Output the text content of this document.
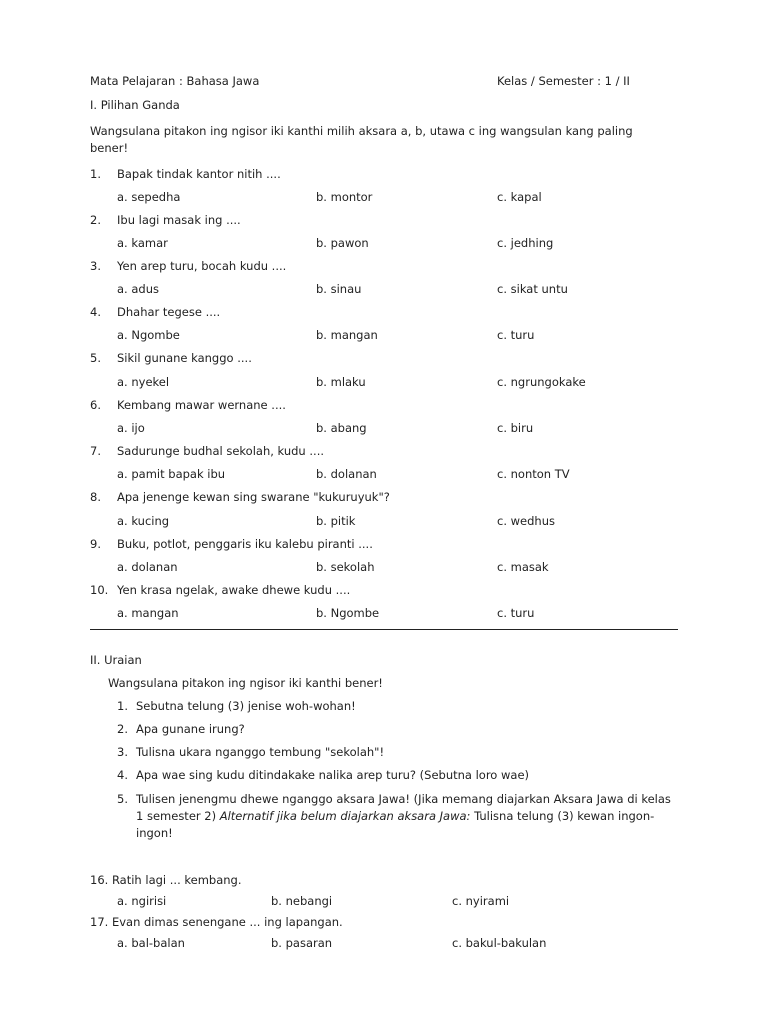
Mata Pelajaran : Bahasa Jawa	Kelas / Semester : 1 / II
I. Pilihan Ganda
Wangsulana pitakon ing ngisor iki kanthi milih aksara a, b, utawa c ing wangsulan kang paling bener!
1. Bapak tindak kantor nitih ....
a. sepedha	b. montor	c. kapal
2. Ibu lagi masak ing ....
a. kamar	b. pawon	c. jedhing
3. Yen arep turu, bocah kudu ....
a. adus	b. sinau	c. sikat untu
4. Dhahar tegese ....
a. Ngombe	b. mangan	c. turu
5. Sikil gunane kanggo ....
a. nyekel	b. mlaku	c. ngrungokake
6. Kembang mawar wernane ....
a. ijo	b. abang	c. biru
7. Sadurunge budhal sekolah, kudu ....
a. pamit bapak ibu	b. dolanan	c. nonton TV
8. Apa jenenge kewan sing swarane "kukuruyuk"?
a. kucing	b. pitik	c. wedhus
9. Buku, potlot, penggaris iku kalebu piranti ....
a. dolanan	b. sekolah	c. masak
10. Yen krasa ngelak, awake dhewe kudu ....
a. mangan	b. Ngombe	c. turu
II. Uraian
Wangsulana pitakon ing ngisor iki kanthi bener!
1. Sebutna telung (3) jenise woh-wohan!
2. Apa gunane irung?
3. Tulisna ukara nganggo tembung "sekolah"!
4. Apa wae sing kudu ditindakake nalika arep turu? (Sebutna loro wae)
5. Tulisen jenengmu dhewe nganggo aksara Jawa! (Jika memang diajarkan Aksara Jawa di kelas 1 semester 2) Alternatif jika belum diajarkan aksara Jawa: Tulisna telung (3) kewan ingon-ingon!
16. Ratih lagi ... kembang.
a. ngirisi	b. nebangi	c. nyirami
17. Evan dimas senengane ... ing lapangan.
a. bal-balan	b. pasaran	c. bakul-bakulan
